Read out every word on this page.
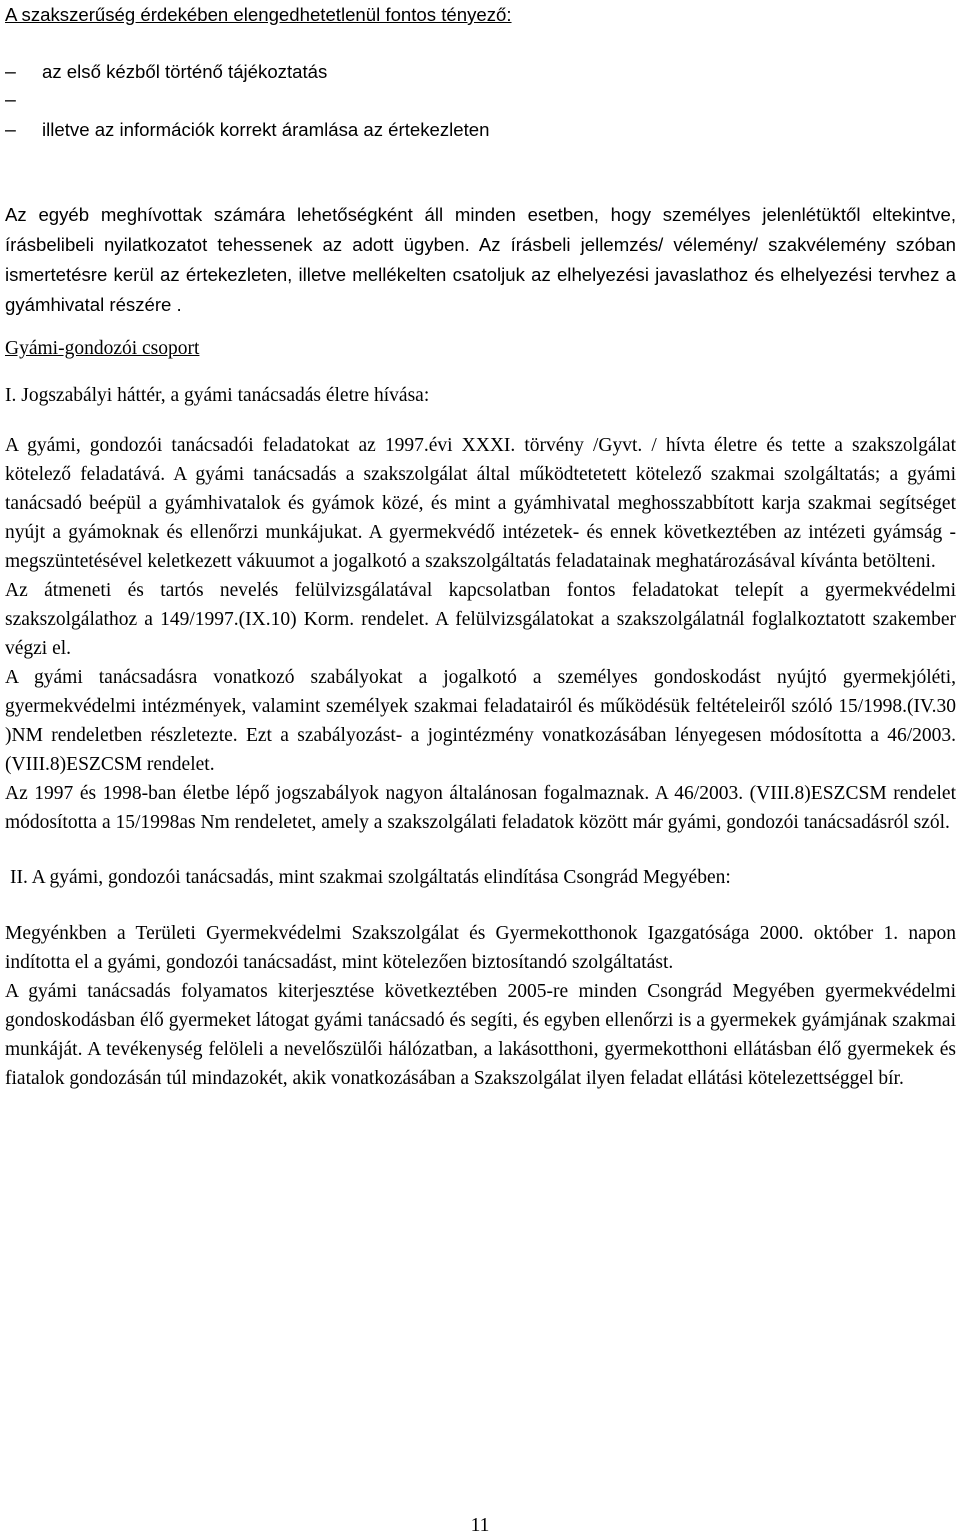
A szakszerűség érdekében elengedhetetlenül fontos tényező:

–	az első kézből történő tájékoztatás
–
–	illetve az információk korrekt áramlása az értekezleten

Az egyéb meghívottak számára lehetőségként áll minden esetben, hogy személyes jelenlétüktől eltekintve, írásbelibeli nyilatkozatot tehessenek az adott ügyben. Az írásbeli jellemzés/ vélemény/ szakvélemény szóban ismertetésre kerül az értekezleten, illetve mellékelten csatoljuk az elhelyezési javaslathoz és elhelyezési tervhez a gyámhivatal részére .

Gyámi-gondozói csoport

I. Jogszabályi háttér, a gyámi tanácsadás életre hívása:

A gyámi, gondozói tanácsadói feladatokat az 1997.évi XXXI. törvény /Gyvt. / hívta életre és tette a szakszolgálat kötelező feladatává. A gyámi tanácsadás a szakszolgálat által működtetetett kötelező szakmai szolgáltatás; a gyámi tanácsadó beépül a gyámhivatalok és gyámok közé, és mint a gyámhivatal meghosszabbított karja szakmai segítséget nyújt a gyámoknak és ellenőrzi munkájukat. A gyermekvédő intézetek- és ennek következtében az intézeti gyámság - megszüntetésével keletkezett vákuumot a jogalkotó a szakszolgáltatás feladatainak meghatározásával kívánta betölteni.

Az átmeneti és tartós nevelés felülvizsgálatával kapcsolatban fontos feladatokat telepít a gyermekvédelmi szakszolgálathoz a 149/1997.(IX.10) Korm. rendelet. A felülvizsgálatokat a szakszolgálatnál foglalkoztatott szakember végzi el.

A gyámi tanácsadásra vonatkozó szabályokat a jogalkotó a személyes gondoskodást nyújtó gyermekjóléti, gyermekvédelmi intézmények, valamint személyek szakmai feladatairól és működésük feltételeiről szóló 15/1998.(IV.30 )NM rendeletben részletezte. Ezt a szabályozást- a jogintézmény vonatkozásában lényegesen módosította a 46/2003. (VIII.8)ESZCSM rendelet.

Az 1997 és 1998-ban életbe lépő jogszabályok nagyon általánosan fogalmaznak. A 46/2003. (VIII.8)ESZCSM rendelet módosította a 15/1998as Nm rendeletet, amely a szakszolgálati feladatok között már gyámi, gondozói tanácsadásról szól.

II. A gyámi, gondozói tanácsadás, mint szakmai szolgáltatás elindítása Csongrád Megyében:

Megyénkben a Területi Gyermekvédelmi Szakszolgálat és Gyermekotthonok Igazgatósága 2000. október 1. napon indította el a gyámi, gondozói tanácsadást, mint kötelezően biztosítandó szolgáltatást.

A gyámi tanácsadás folyamatos kiterjesztése következtében 2005-re minden Csongrád Megyében gyermekvédelmi gondoskodásban élő gyermeket látogat gyámi tanácsadó és segíti, és egyben ellenőrzi is a gyermekek gyámjának szakmai munkáját. A tevékenység felöleli a nevelőszülői hálózatban, a lakásotthoni, gyermekotthoni ellátásban élő gyermekek és fiatalok gondozásán túl mindazokét, akik vonatkozásában a Szakszolgálat ilyen feladat ellátási kötelezettséggel bír.

11
